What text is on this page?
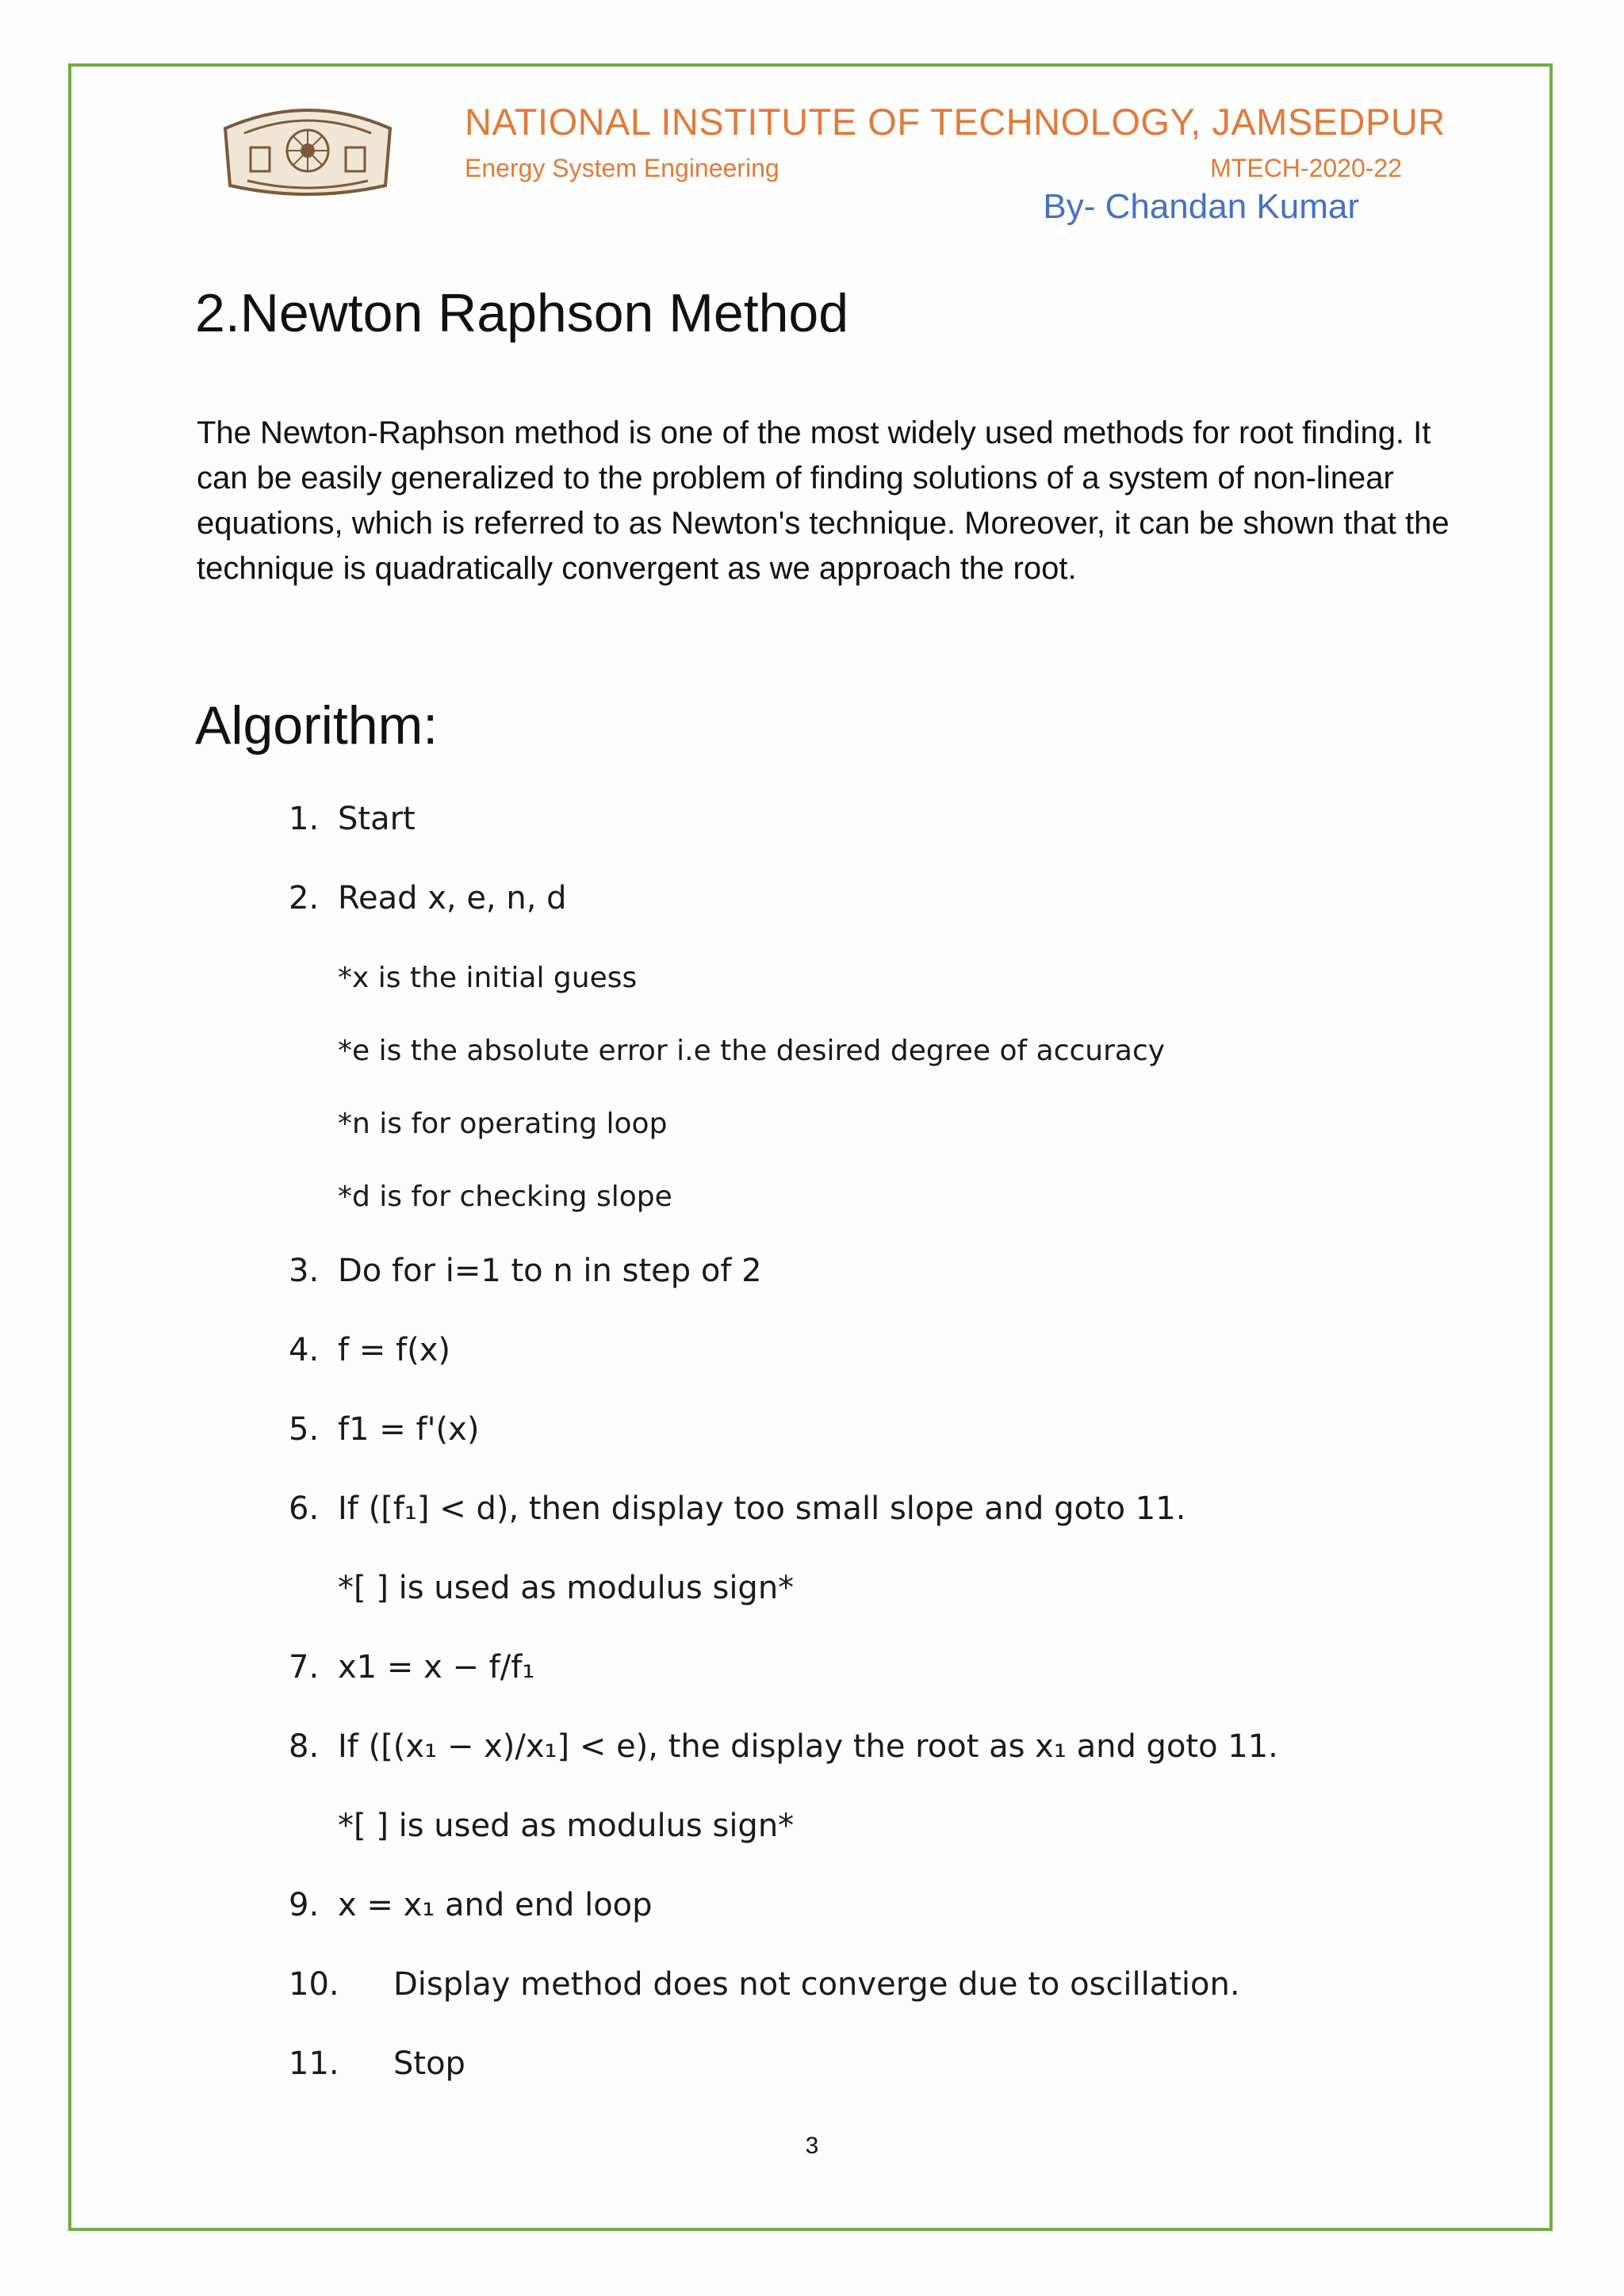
NATIONAL INSTITUTE OF TECHNOLOGY, JAMSEDPUR
Energy System Engineering	MTECH-2020-22
By- Chandan Kumar
2.Newton Raphson Method
The Newton-Raphson method is one of the most widely used methods for root finding. It can be easily generalized to the problem of finding solutions of a system of non-linear equations, which is referred to as Newton's technique. Moreover, it can be shown that the technique is quadratically convergent as we approach the root.
Algorithm:
1. Start
2. Read x, e, n, d
*x is the initial guess
*e is the absolute error i.e the desired degree of accuracy
*n is for operating loop
*d is for checking slope
3. Do for i=1 to n in step of 2
4. f = f(x)
5. f1 = f'(x)
6. If ([f₁] < d), then display too small slope and goto 11.
*[ ] is used as modulus sign*
7. x1 = x − f/f₁
8. If ([(x₁ − x)/x₁] < e), the display the root as x₁ and goto 11.
*[ ] is used as modulus sign*
9. x = x₁ and end loop
10. Display method does not converge due to oscillation.
11. Stop
3
